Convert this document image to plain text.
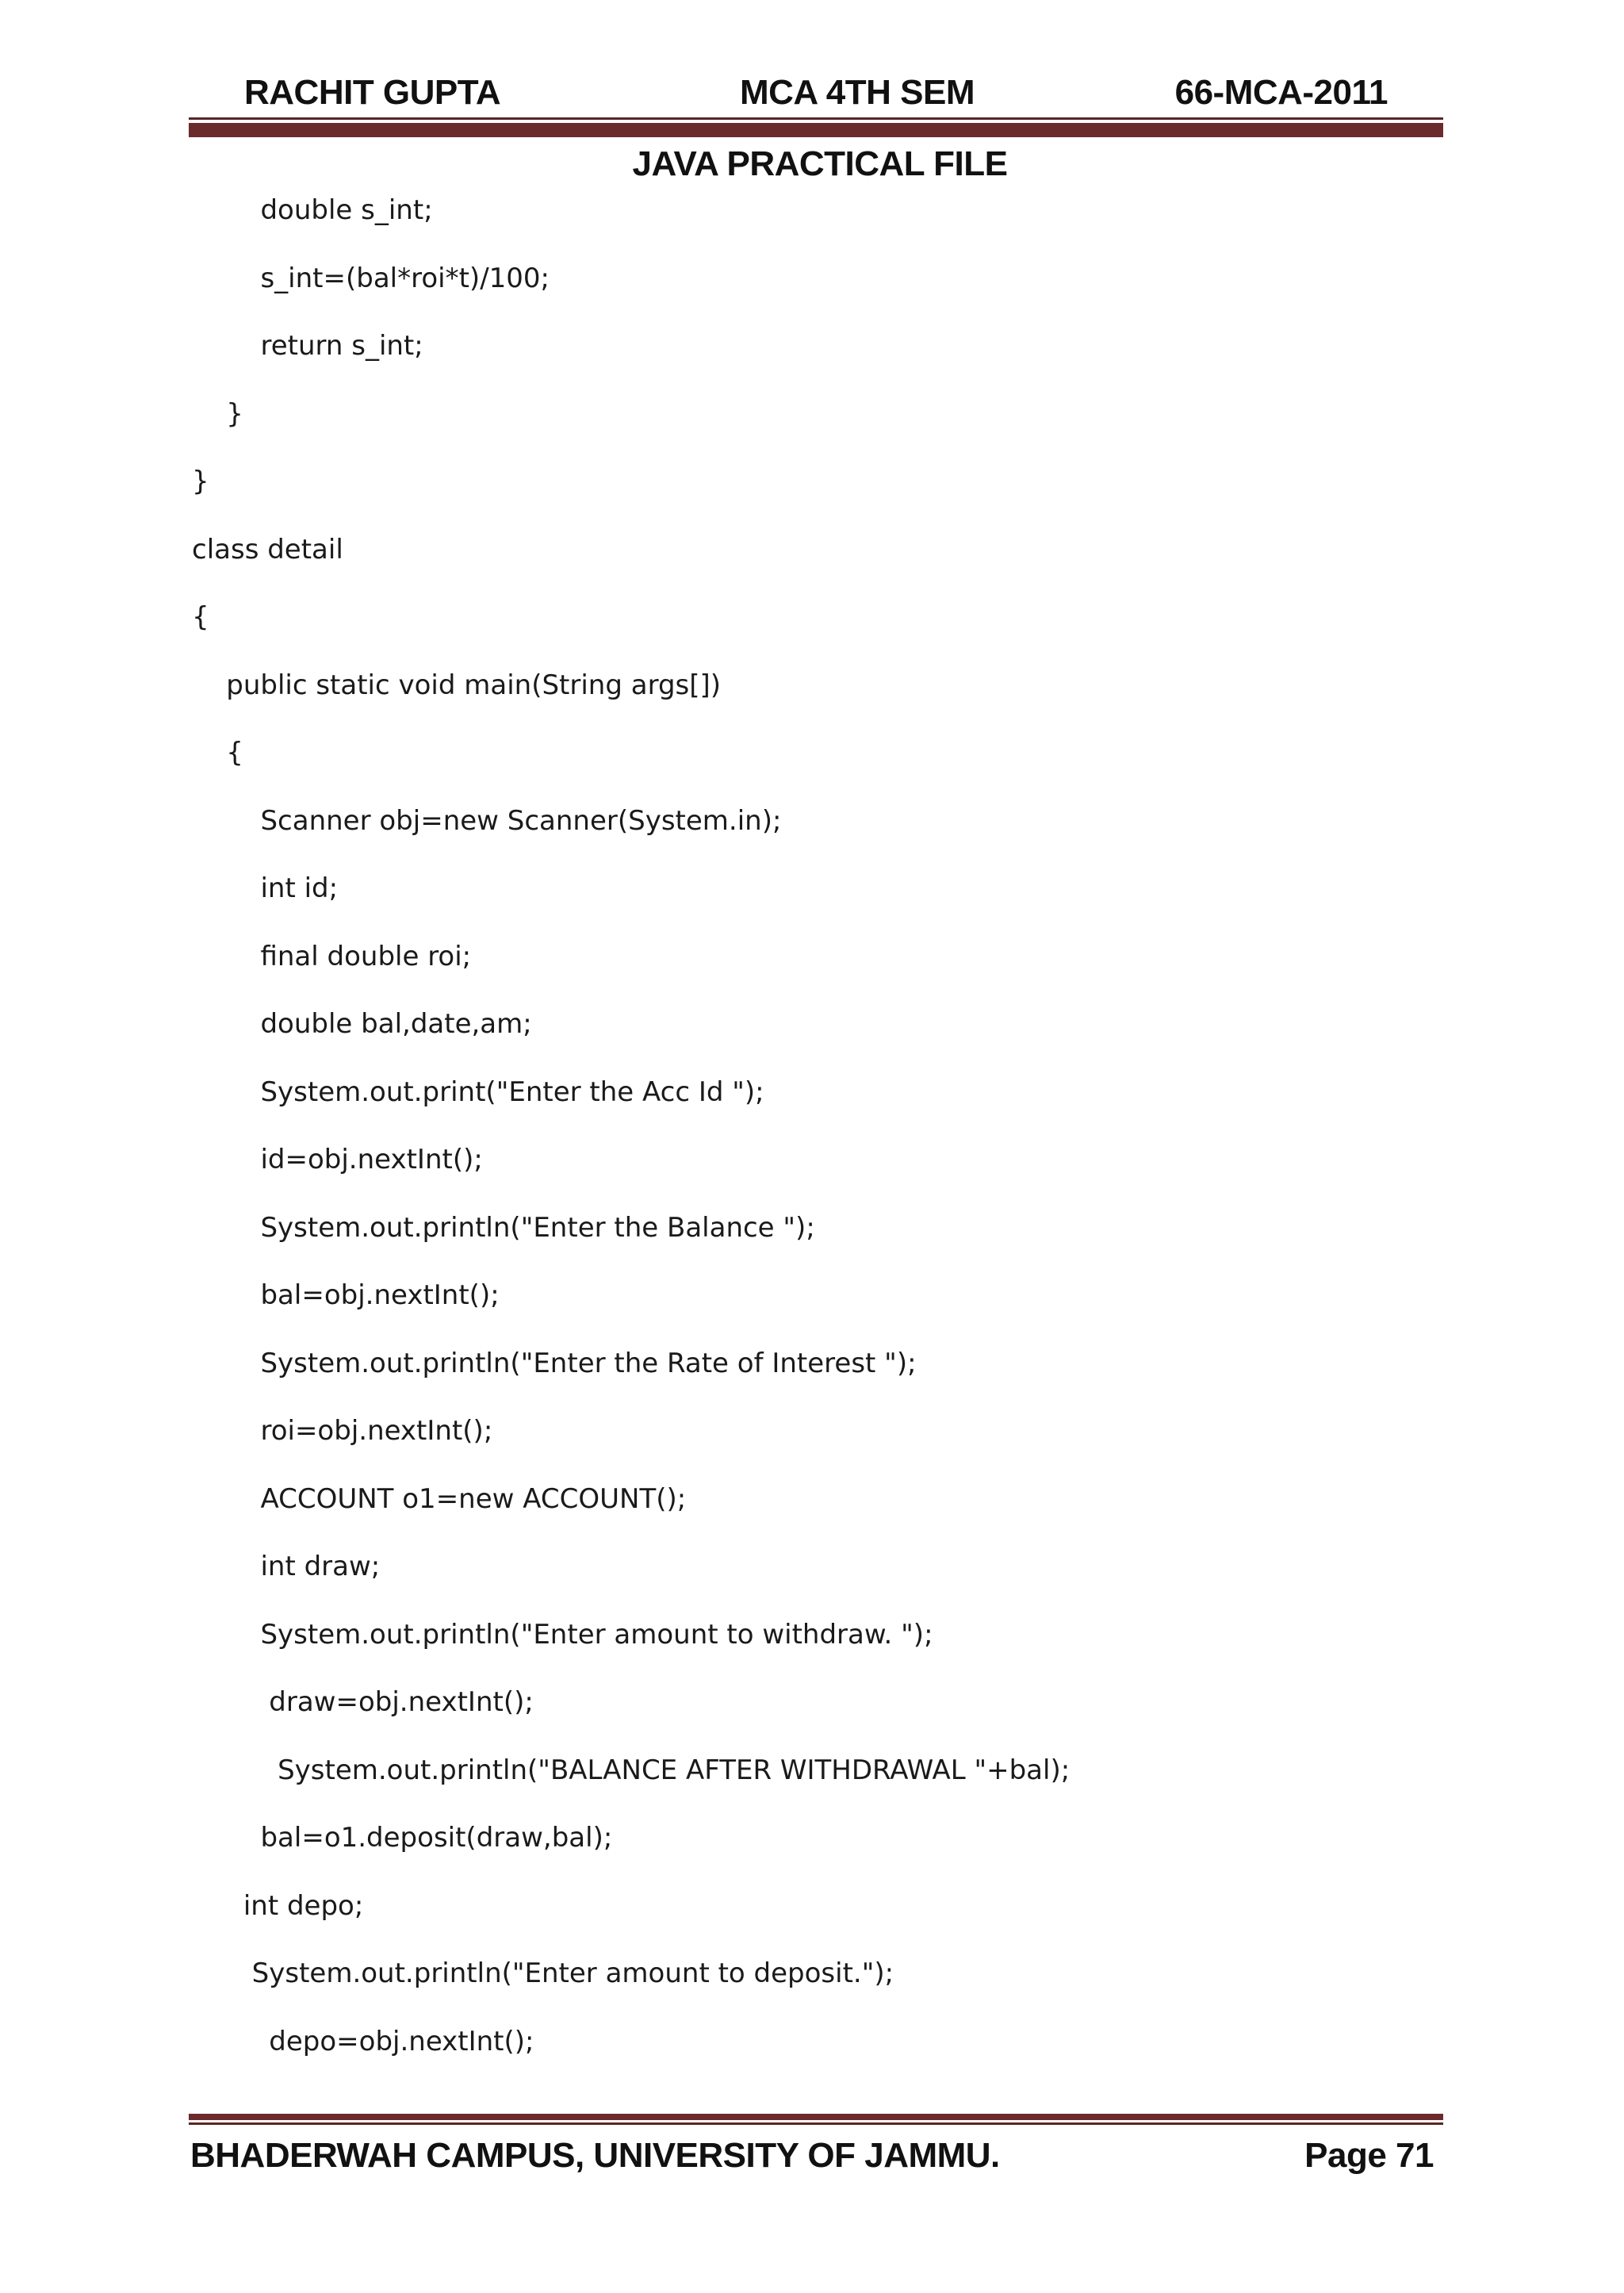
RACHIT GUPTA	MCA 4TH SEM	66-MCA-2011
JAVA PRACTICAL FILE
double s_int;
s_int=(bal*roi*t)/100;
return s_int;
}
}
class detail
{
public static void main(String args[])
{
Scanner obj=new Scanner(System.in);
int id;
final double roi;
double bal,date,am;
System.out.print("Enter the Acc Id ");
id=obj.nextInt();
System.out.println("Enter the Balance ");
bal=obj.nextInt();
System.out.println("Enter the Rate of Interest ");
roi=obj.nextInt();
ACCOUNT o1=new ACCOUNT();
int draw;
System.out.println("Enter amount to withdraw. ");
draw=obj.nextInt();
System.out.println("BALANCE AFTER WITHDRAWAL "+bal);
bal=o1.deposit(draw,bal);
int depo;
System.out.println("Enter amount to deposit.");
depo=obj.nextInt();
BHADERWAH CAMPUS, UNIVERSITY OF JAMMU.	Page 71
